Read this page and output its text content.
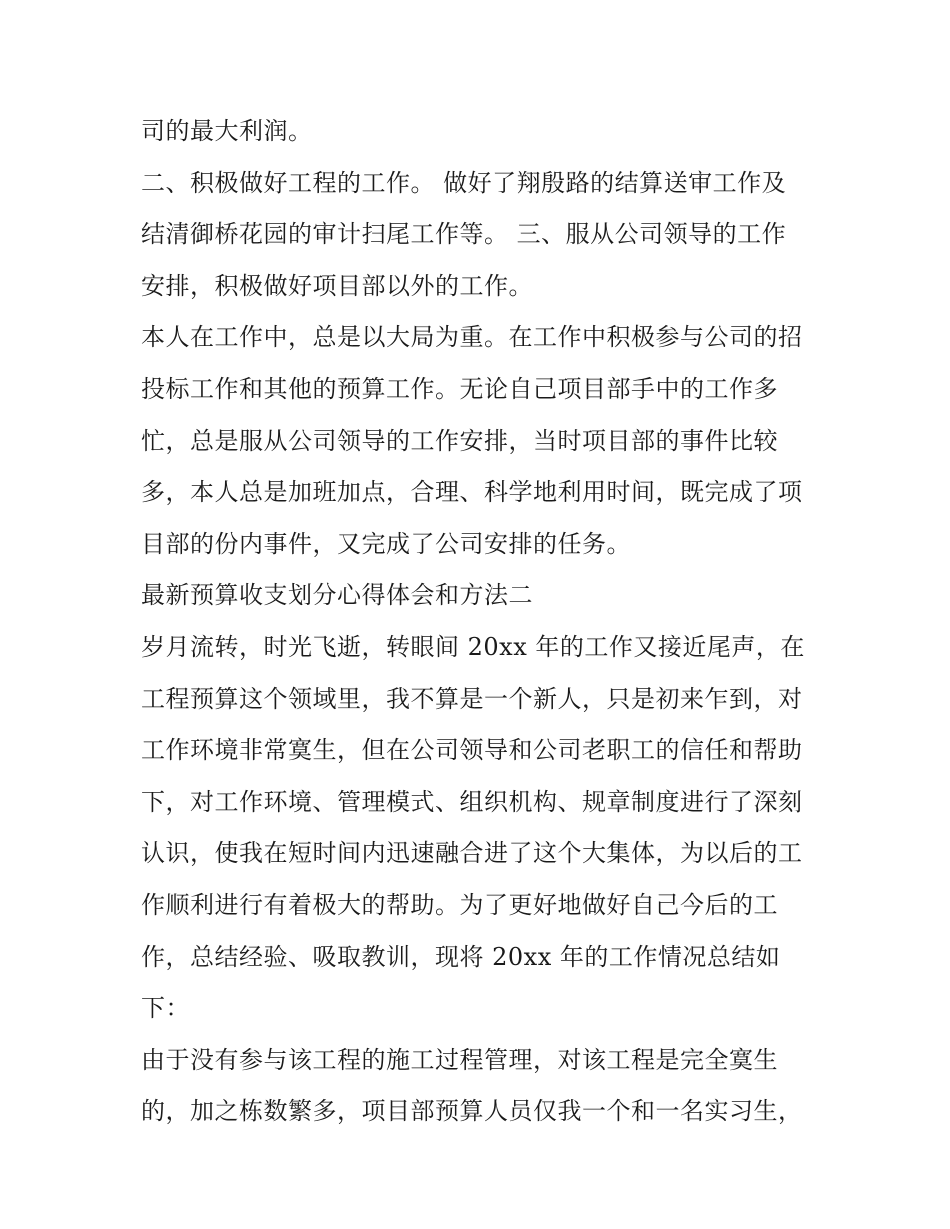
司的最大利润。
二、积极做好工程的工作。 做好了翔殷路的结算送审工作及
结清御桥花园的审计扫尾工作等。 三、服从公司领导的工作
安排，积极做好项目部以外的工作。
本人在工作中，总是以大局为重。在工作中积极参与公司的招
投标工作和其他的预算工作。无论自己项目部手中的工作多
忙，总是服从公司领导的工作安排，当时项目部的事件比较
多，本人总是加班加点，合理、科学地利用时间，既完成了项
目部的份内事件，又完成了公司安排的任务。
最新预算收支划分心得体会和方法二
岁月流转，时光飞逝，转眼间 20xx 年的工作又接近尾声，在
工程预算这个领域里，我不算是一个新人，只是初来乍到，对
工作环境非常寞生，但在公司领导和公司老职工的信任和帮助
下，对工作环境、管理模式、组织机构、规章制度进行了深刻
认识，使我在短时间内迅速融合进了这个大集体，为以后的工
作顺利进行有着极大的帮助。为了更好地做好自己今后的工
作，总结经验、吸取教训，现将 20xx 年的工作情况总结如
下：
由于没有参与该工程的施工过程管理，对该工程是完全寞生
的，加之栋数繁多，项目部预算人员仅我一个和一名实习生，
